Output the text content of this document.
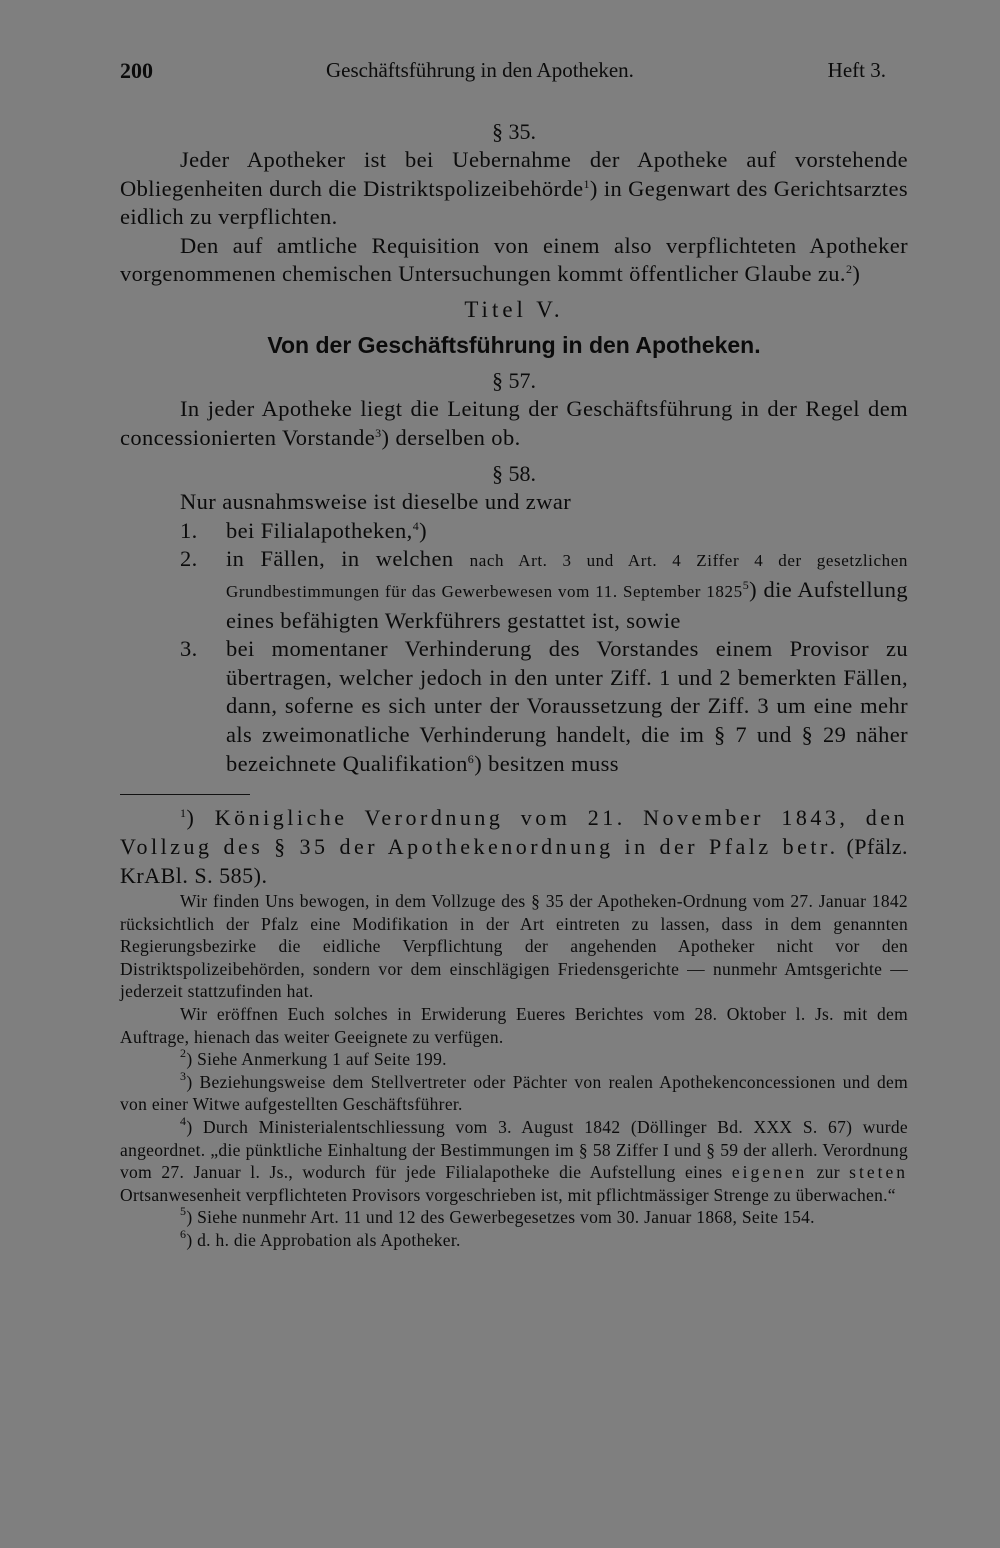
200	Geschäftsführung in den Apotheken.	Heft 3.

§ 35.

Jeder Apotheker ist bei Uebernahme der Apotheke auf vorstehende Obliegenheiten durch die Distriktspolizeibehörde$^1$) in Gegenwart des Gerichtsarztes eidlich zu verpflichten.

Den auf amtliche Requisition von einem also verpflichteten Apotheker vorgenommenen chemischen Untersuchungen kommt öffentlicher Glaube zu.$^2$)

Titel V.

Von der Geschäftsführung in den Apotheken.

§ 57.

In jeder Apotheke liegt die Leitung der Geschäftsführung in der Regel dem concessionierten Vorstande$^3$) derselben ob.

§ 58.

Nur ausnahmsweise ist dieselbe und zwar

1. bei Filialapotheken,$^4$)
2. in Fällen, in welchen nach Art. 3 und Art. 4 Ziffer 4 der gesetzlichen Grundbestimmungen für das Gewerbewesen vom 11. September 1825$^5$) die Aufstellung eines befähigten Werkführers gestattet ist, sowie
3. bei momentaner Verhinderung des Vorstandes einem Provisor zu übertragen, welcher jedoch in den unter Ziff. 1 und 2 bemerkten Fällen, dann, soferne es sich unter der Voraussetzung der Ziff. 3 um eine mehr als zweimonatliche Verhinderung handelt, die im § 7 und § 29 näher bezeichnete Qualifikation$^6$) besitzen muss

$^1$) Königliche Verordnung vom 21. November 1843, den Vollzug des § 35 der Apothekenordnung in der Pfalz betr. (Pfälz. KrABl. S. 585).

Wir finden Uns bewogen, in dem Vollzuge des § 35 der Apotheken-Ordnung vom 27. Januar 1842 rücksichtlich der Pfalz eine Modifikation in der Art eintreten zu lassen, dass in dem genannten Regierungsbezirke die eidliche Verpflichtung der angehenden Apotheker nicht vor den Distriktspolizeibehörden, sondern vor dem einschlägigen Friedensgerichte — nunmehr Amtsgerichte — jederzeit stattzufinden hat.

Wir eröffnen Euch solches in Erwiderung Eueres Berichtes vom 28. Oktober l. Js. mit dem Auftrage, hienach das weiter Geeignete zu verfügen.

$^2$) Siehe Anmerkung 1 auf Seite 199.

$^3$) Beziehungsweise dem Stellvertreter oder Pächter von realen Apothekenconcessionen und dem von einer Witwe aufgestellten Geschäftsführer.

$^4$) Durch Ministerialentschliessung vom 3. August 1842 (Döllinger Bd. XXX S. 67) wurde angeordnet. „die pünktliche Einhaltung der Bestimmungen im § 58 Ziffer I und § 59 der allerh. Verordnung vom 27. Januar l. Js., wodurch für jede Filialapotheke die Aufstellung eines eigenen zur steten Ortsanwesenheit verpflichteten Provisors vorgeschrieben ist, mit pflichtmässiger Strenge zu überwachen.“

$^5$) Siehe nunmehr Art. 11 und 12 des Gewerbegesetzes vom 30. Januar 1868, Seite 154.

$^6$) d. h. die Approbation als Apotheker.
